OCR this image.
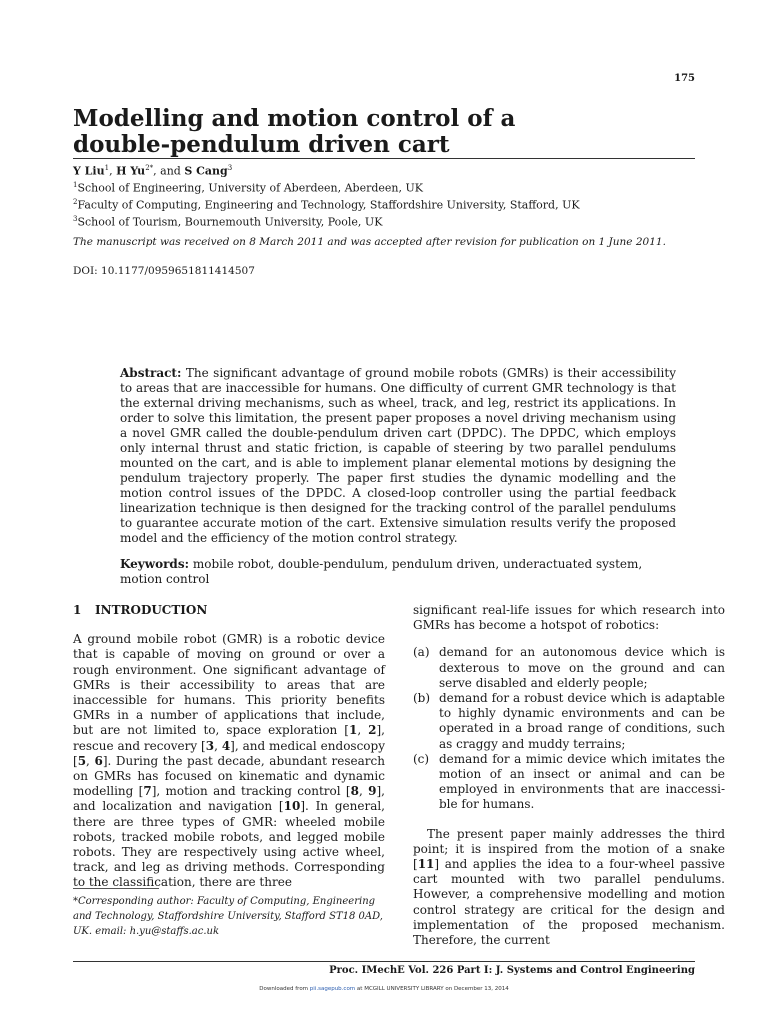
175
Modelling and motion control of a
double-pendulum driven cart
Y Liu$^1$, H $Yu^{2*}$, and S Cang$^3$
$^1$School of Engineering, University of Aberdeen, Aberdeen, UK
$^2$Faculty of Computing, Engineering and Technology, Staffordshire University, Stafford, UK
$^3$School of Tourism, Bournemouth University, Poole, UK
The manuscript was received on 8 March 2011 and was accepted after revision for publication on 1 June 2011.
DOI: 10.1177/0959651811414507

Abstract: The significant advantage of ground mobile robots (GMRs) is their accessibility to areas that are inaccessible for humans. One difficulty of current GMR technology is that the external driving mechanisms, such as wheel, track, and leg, restrict its applications. In order to solve this limitation, the present paper proposes a novel driving mechanism using a novel GMR called the double-pendulum driven cart (DPDC). The DPDC, which employs only internal thrust and static friction, is capable of steering by two parallel pendulums mounted on the cart, and is able to implement planar elemental motions by designing the pendulum trajectory properly. The paper first studies the dynamic modelling and the motion control issues of the DPDC. A closed-loop controller using the partial feedback linearization technique is then designed for the tracking control of the parallel pendulums to guarantee accurate motion of the cart. Extensive simulation results verify the proposed model and the efficiency of the motion control strategy.

Keywords: mobile robot, double-pendulum, pendulum driven, underactuated system, motion control

1 INTRODUCTION

A ground mobile robot (GMR) is a robotic device that is capable of moving on ground or over a rough environment. One significant advantage of GMRs is their accessibility to areas that are inaccessible for humans. This priority benefits GMRs in a number of applications that include, but are not limited to, space exploration [1, 2], rescue and recovery [3, 4], and medical endoscopy [5, 6]. During the past decade, abundant research on GMRs has focused on kinematic and dynamic modelling [7], motion and tracking control [8, 9], and localization and navigation [10]. In general, there are three types of GMR: wheeled mobile robots, tracked mobile robots, and legged mobile robots. They are respectively using active wheel, track, and leg as driving methods. Corresponding to the classification, there are three

significant real-life issues for which research into GMRs has become a hotspot of robotics:

(a) demand for an autonomous device which is dexterous to move on the ground and can serve disabled and elderly people;
(b) demand for a robust device which is adaptable to highly dynamic environments and can be operated in a broad range of conditions, such as craggy and muddy terrains;
(c) demand for a mimic device which imitates the motion of an insect or animal and can be employed in environments that are inaccessible for humans.

The present paper mainly addresses the third point; it is inspired from the motion of a snake [11] and applies the idea to a four-wheel passive cart mounted with two parallel pendulums. However, a comprehensive modelling and motion control strategy are critical for the design and implementation of the proposed mechanism. Therefore, the current

*Corresponding author: Faculty of Computing, Engineering and Technology, Staffordshire University, Stafford ST18 0AD, UK. email: h.yu@staffs.ac.uk

Proc. IMechE Vol. 226 Part I: J. Systems and Control Engineering
Downloaded from pii.sagepub.com at MCGILL UNIVERSITY LIBRARY on December 13, 2014
